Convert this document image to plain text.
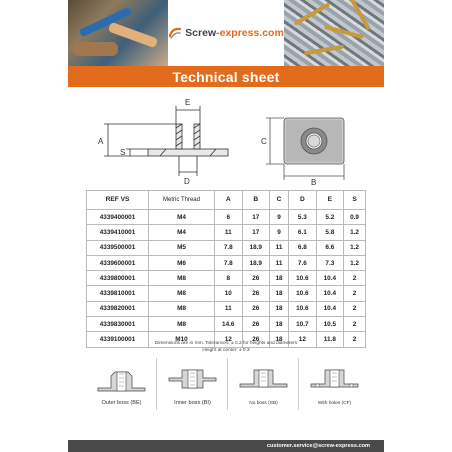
Screw-express.com
Technical sheet
E
D
A
S
C
B
REF VS	Metric Thread	A	B	C	D	E	S
4339400001	M4	6	17	9	5.3	5.2	0.9
4339410001	M4	11	17	9	6.1	5.8	1.2
4339500001	M5	7.8	18.9	11	6.8	6.6	1.2
4339600001	M6	7.8	18.9	11	7.6	7.3	1.2
4339800001	M8	8	26	18	10.6	10.4	2
4339810001	M8	10	26	18	10.6	10.4	2
4339820001	M8	11	26	18	10.6	10.4	2
4339830001	M8	14.6	26	18	10.7	10.5	2
4339100001	M10	12	26	18	12	11.8	2
Dimensions are in mm. Tolerances: ± 0.2 for heights and diameters
Height at center: ± 0.3
Outer boss (BE)	Inner boss (BI)	No boss (SB)	With holes (CF)
customer.service@screw-express.com
